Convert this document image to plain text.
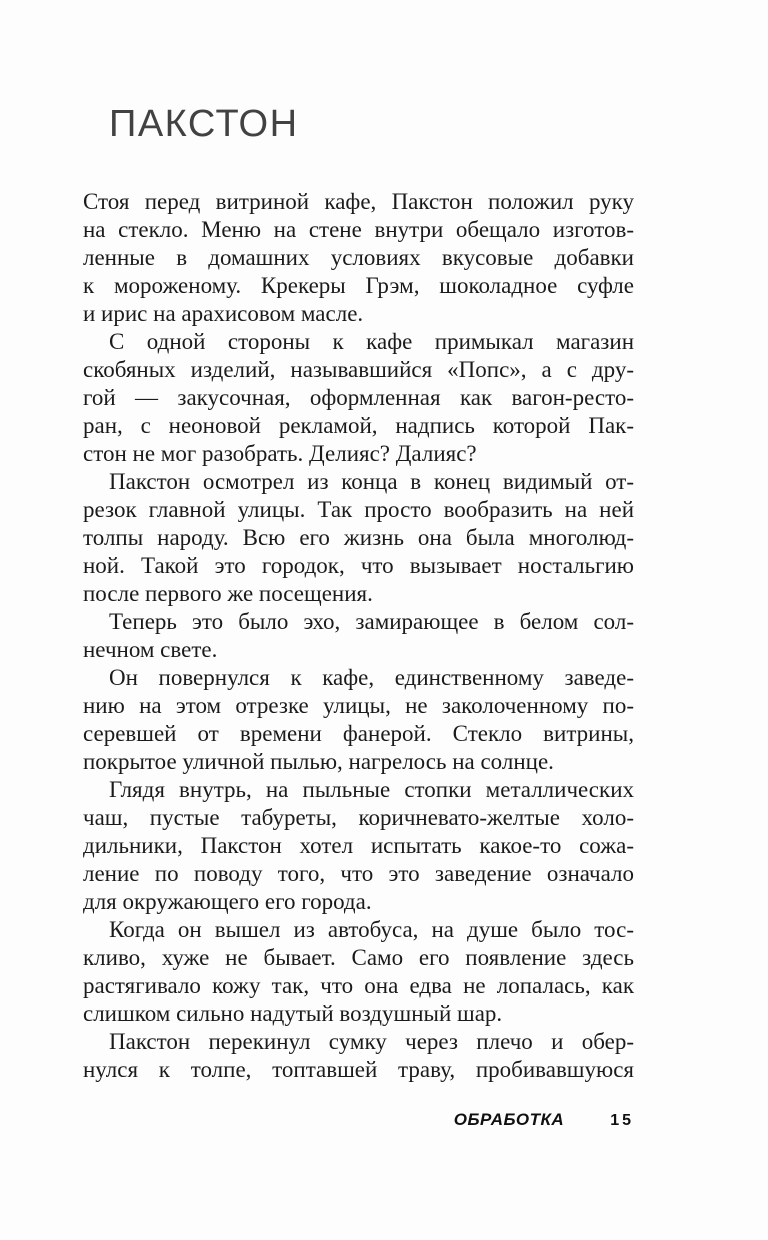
ПАКСТОН
Стоя перед витриной кафе, Пакстон положил руку
на стекло. Меню на стене внутри обещало изготов-
ленные в домашних условиях вкусовые добавки
к мороженому. Крекеры Грэм, шоколадное суфле
и ирис на арахисовом масле.
С одной стороны к кафе примыкал магазин
скобяных изделий, называвшийся «Попс», а с дру-
гой — закусочная, оформленная как вагон-ресто-
ран, с неоновой рекламой, надпись которой Пак-
стон не мог разобрать. Делияс? Далияс?
Пакстон осмотрел из конца в конец видимый от-
резок главной улицы. Так просто вообразить на ней
толпы народу. Всю его жизнь она была многолюд-
ной. Такой это городок, что вызывает ностальгию
после первого же посещения.
Теперь это было эхо, замирающее в белом сол-
нечном свете.
Он повернулся к кафе, единственному заведе-
нию на этом отрезке улицы, не заколоченному по-
серевшей от времени фанерой. Стекло витрины,
покрытое уличной пылью, нагрелось на солнце.
Глядя внутрь, на пыльные стопки металлических
чаш, пустые табуреты, коричневато-желтые холо-
дильники, Пакстон хотел испытать какое-то сожа-
ление по поводу того, что это заведение означало
для окружающего его города.
Когда он вышел из автобуса, на душе было тос-
кливо, хуже не бывает. Само его появление здесь
растягивало кожу так, что она едва не лопалась, как
слишком сильно надутый воздушный шар.
Пакстон перекинул сумку через плечо и обер-
нулся к толпе, топтавшей траву, пробивавшуюся
ОБРАБОТКА	15
